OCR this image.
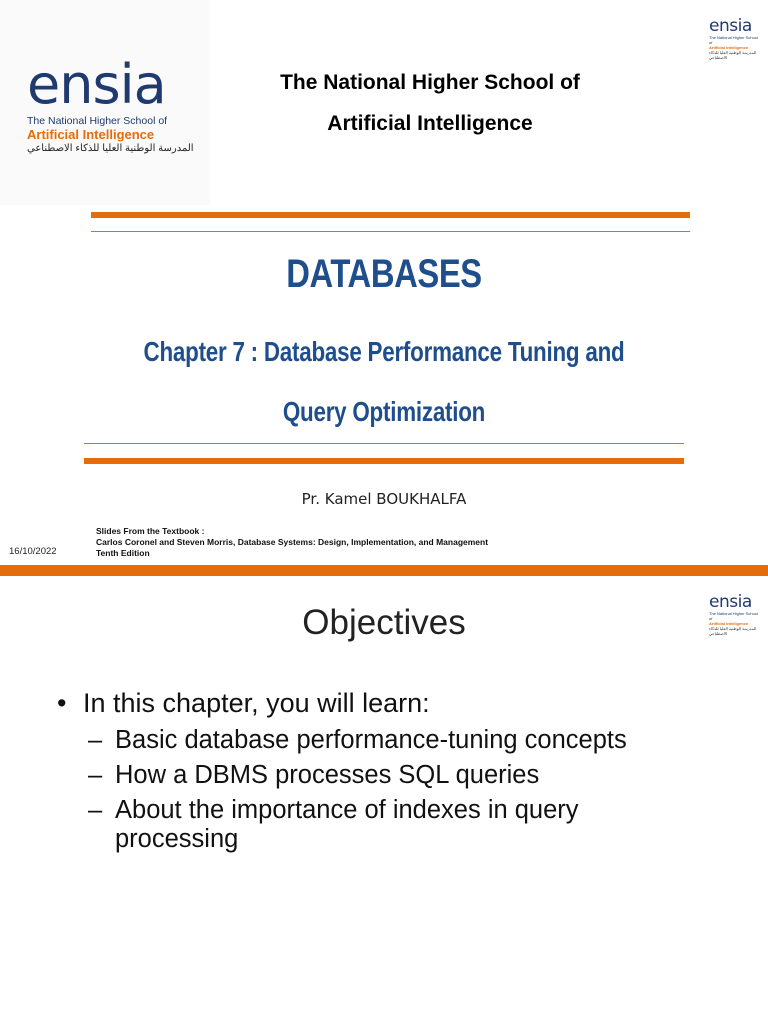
ensia
The National Higher School of
Artificial Intelligence
المدرسة الوطنية العليا للذكاء الاصطناعي
The National Higher School of
Artificial Intelligence
ensia
The National Higher School of
Artificial Intelligence
المدرسة الوطنية العليا للذكاء الاصطناعي
DATABASES
Chapter 7 : Database Performance Tuning and
Query Optimization
Pr. Kamel BOUKHALFA
16/10/2022
Slides From the Textbook :
Carlos Coronel and Steven Morris, Database Systems: Design, Implementation, and Management
Tenth Edition
ensia
The National Higher School of
Artificial Intelligence
المدرسة الوطنية العليا للذكاء الاصطناعي
Objectives
• In this chapter, you will learn:
– Basic database performance-tuning concepts
– How a DBMS processes SQL queries
– About the importance of indexes in query processing
